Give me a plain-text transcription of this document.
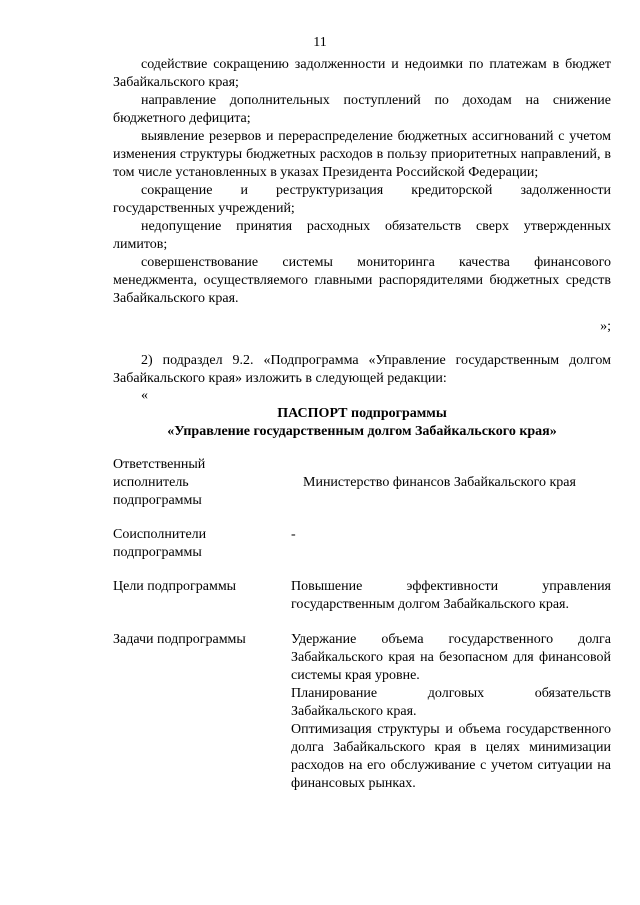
11

содействие сокращению задолженности и недоимки по платежам в бюджет Забайкальского края;

направление дополнительных поступлений по доходам на снижение бюджетного дефицита;

выявление резервов и перераспределение бюджетных ассигнований с учетом изменения структуры бюджетных расходов в пользу приоритетных направлений, в том числе установленных в указах Президента Российской Федерации;

сокращение и реструктуризация кредиторской задолженности государственных учреждений;

недопущение принятия расходных обязательств сверх утвержденных лимитов;

совершенствование системы мониторинга качества финансового менеджмента, осуществляемого главными распорядителями бюджетных средств Забайкальского края.

»;

2) подраздел 9.2. «Подпрограмма «Управление государственным долгом Забайкальского края» изложить в следующей редакции:

«

ПАСПОРТ подпрограммы

«Управление государственным долгом Забайкальского края»

Ответственный исполнитель подпрограммы

Министерство финансов Забайкальского края

Соисполнители подпрограммы

-

Цели подпрограммы	Повышение эффективности управления государственным долгом Забайкальского края.

Задачи подпрограммы	Удержание объема государственного долга Забайкальского края на безопасном для финансовой системы края уровне.

Планирование долговых обязательств Забайкальского края.

Оптимизация структуры и объема государственного долга Забайкальского края в целях минимизации расходов на его обслуживание с учетом ситуации на финансовых рынках.
